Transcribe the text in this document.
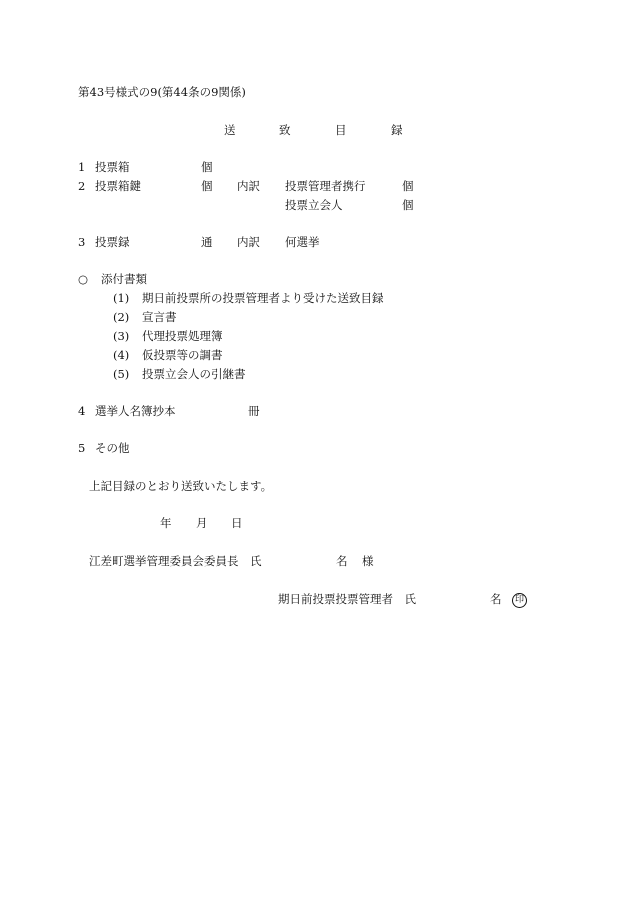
第43号様式の9(第44条の9関係)
送	致	目	録
1 投票箱	個
2 投票箱鍵	個 内訳 投票管理者携行	個
投票立会人	個
3 投票録	通 内訳 何選挙
○ 添付書類
(1) 期日前投票所の投票管理者より受けた送致目録
(2) 宣言書
(3) 代理投票処理簿
(4) 仮投票等の調書
(5) 投票立会人の引継書
4 選挙人名簿抄本	冊
5 その他
上記目録のとおり送致いたします。
年 月 日
江差町選挙管理委員会委員長　氏	名 様
期日前投票投票管理者　氏	名	印
